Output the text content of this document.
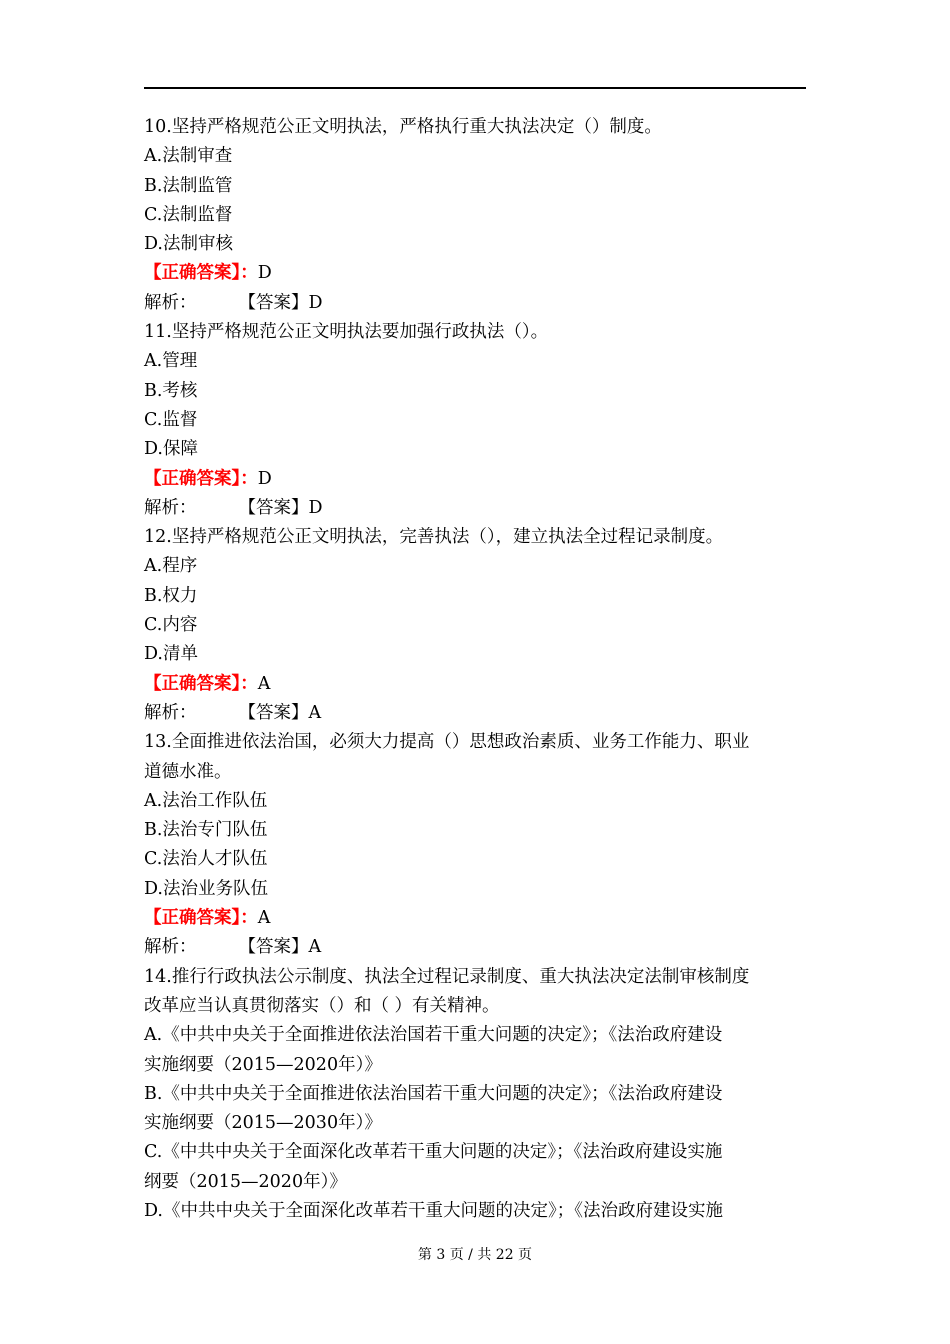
10.坚持严格规范公正文明执法，严格执行重大执法决定（）制度。
A.法制审查
B.法制监管
C.法制监督
D.法制审核
【正确答案】：D
解析： 【答案】D
11.坚持严格规范公正文明执法要加强行政执法（）。
A.管理
B.考核
C.监督
D.保障
【正确答案】：D
解析： 【答案】D
12.坚持严格规范公正文明执法，完善执法（），建立执法全过程记录制度。
A.程序
B.权力
C.内容
D.清单
【正确答案】：A
解析： 【答案】A
13.全面推进依法治国，必须大力提高（）思想政治素质、业务工作能力、职业
道德水准。
A.法治工作队伍
B.法治专门队伍
C.法治人才队伍
D.法治业务队伍
【正确答案】：A
解析： 【答案】A
14.推行行政执法公示制度、执法全过程记录制度、重大执法决定法制审核制度
改革应当认真贯彻落实（）和（ ）有关精神。
A.《中共中央关于全面推进依法治国若干重大问题的决定》；《法治政府建设
实施纲要（2015—2020年）》
B.《中共中央关于全面推进依法治国若干重大问题的决定》；《法治政府建设
实施纲要（2015—2030年）》
C.《中共中央关于全面深化改革若干重大问题的决定》；《法治政府建设实施
纲要（2015—2020年）》
D.《中共中央关于全面深化改革若干重大问题的决定》；《法治政府建设实施
第 3 页 / 共 22 页
